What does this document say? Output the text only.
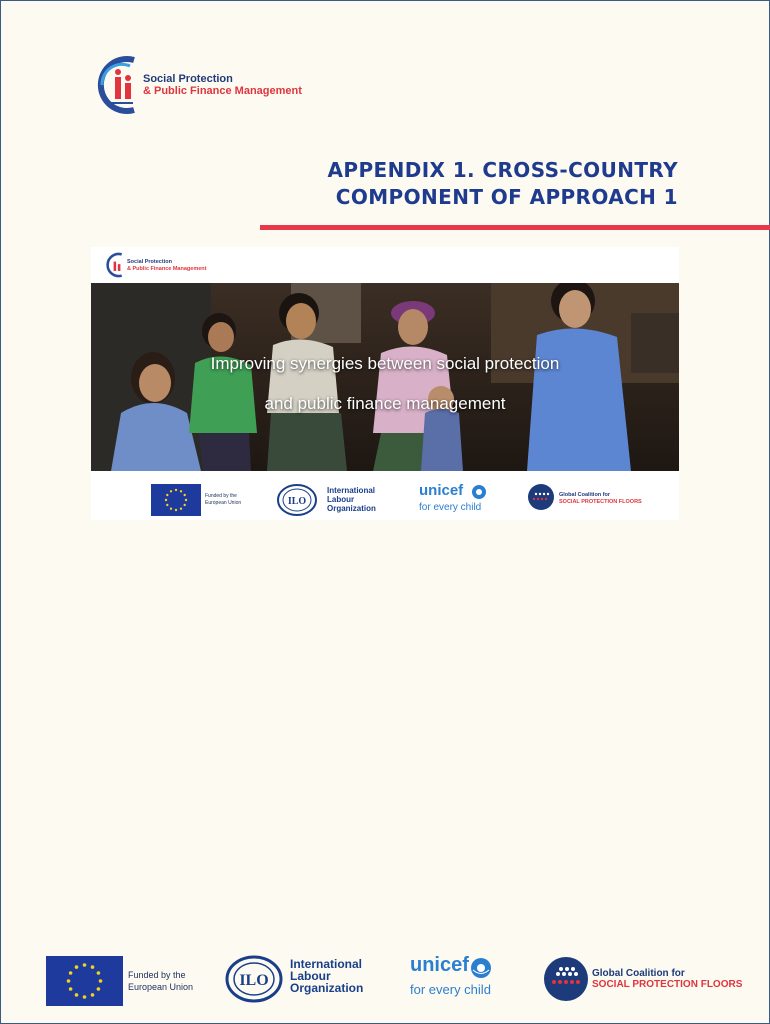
Social Protection
& Public Finance Management
APPENDIX 1. CROSS-COUNTRY
COMPONENT OF APPROACH 1
Social Protection
& Public Finance Management
Improving synergies between social protection
and public finance management
Funded by the
European Union	ILO
International
Labour
Organization
unicef
for every child
Global Coalition for
SOCIAL PROTECTION FLOORS
Funded by the
European Union	ILO
International
Labour
Organization
unicef
for every child
Global Coalition for
SOCIAL PROTECTION FLOORS
